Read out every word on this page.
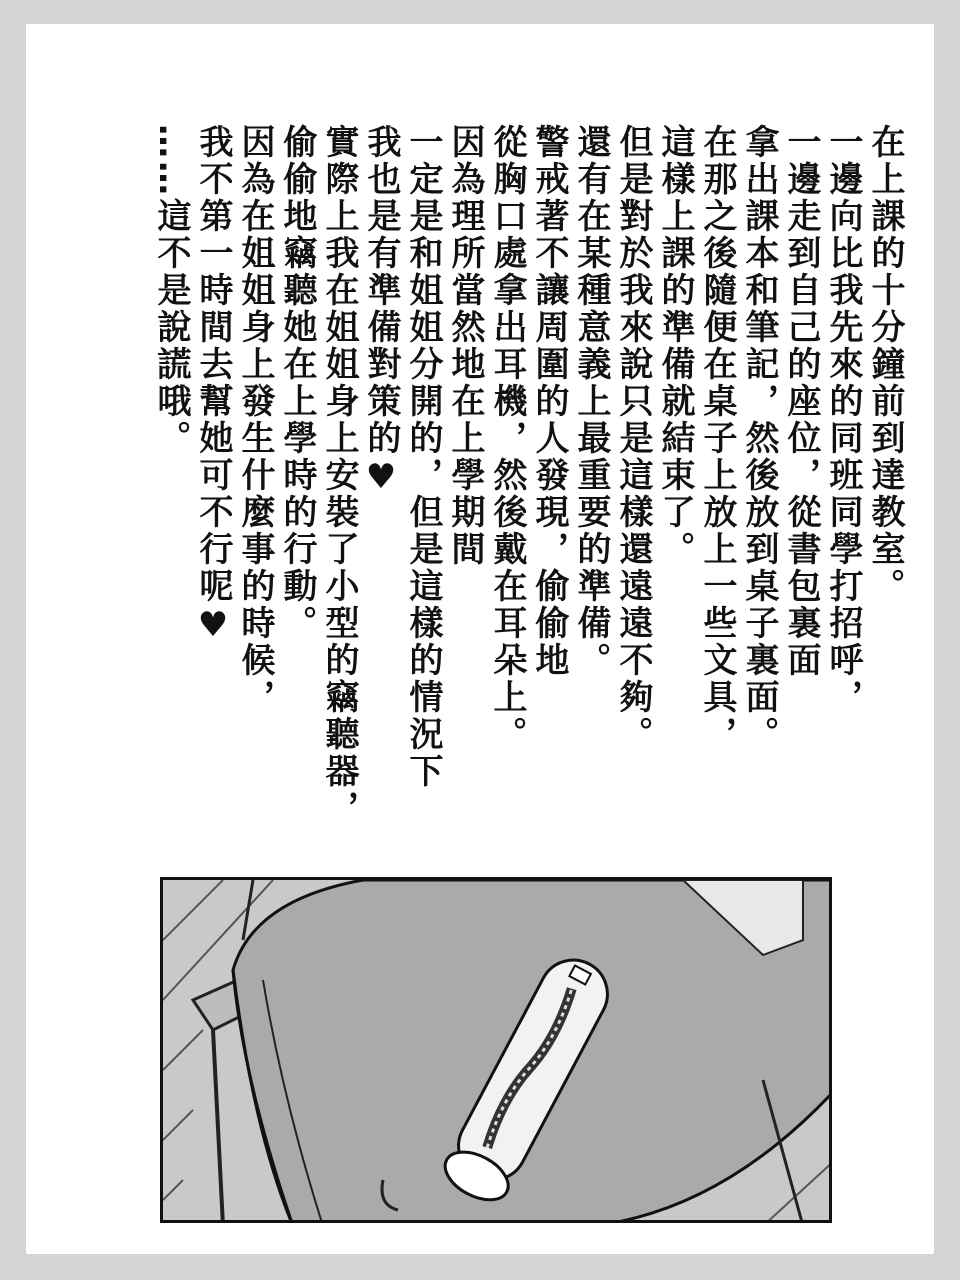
在上課的十分鐘前到達教室。

一邊向比我先來的同班同學打招呼，

一邊走到自己的座位，從書包裏面

拿出課本和筆記，然後放到桌子裏面。

在那之後隨便在桌子上放上一些文具，

這樣上課的準備就結束了。

但是對於我來說只是這樣還遠遠不夠。

還有在某種意義上最重要的準備。

警戒著不讓周圍的人發現，偷偷地

從胸口處拿出耳機，然後戴在耳朵上。

因為理所當然地在上學期間

一定是和姐姐分開的，但是這樣的情況下

我也是有準備對策的♥

實際上我在姐姐身上安裝了小型的竊聽器，

偷偷地竊聽她在上學時的行動。

因為在姐姐身上發生什麼事的時候，

我不第一時間去幫她可不行呢♥

……這不是說謊哦。
